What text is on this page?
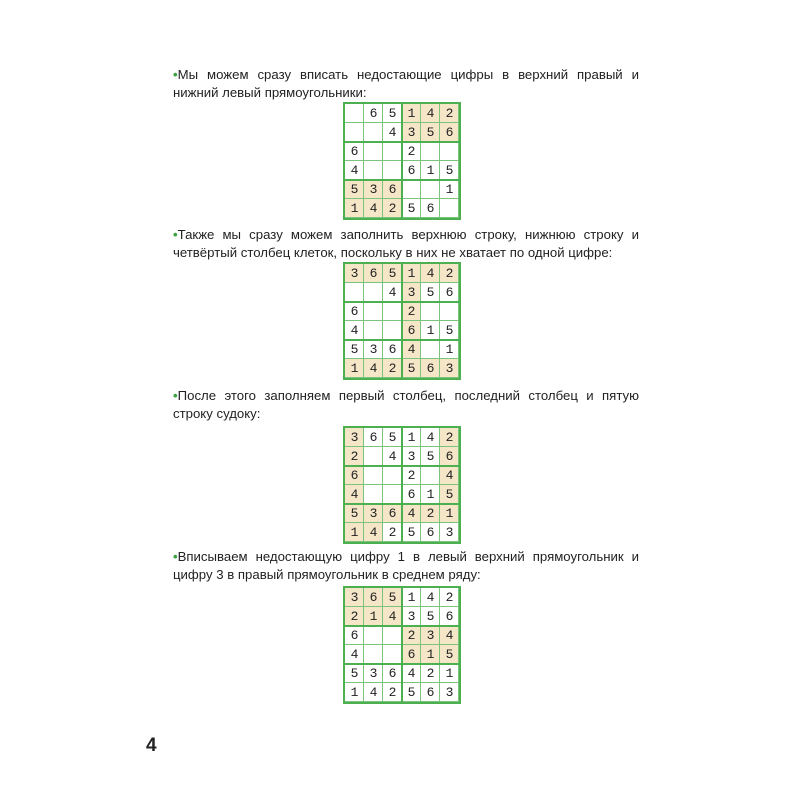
•Мы можем сразу вписать недостающие цифры в верхний правый и нижний левый прямоугольники:
65142
4356
6  2
4  615
536  1
14256
•Также мы сразу можем заполнить верхнюю строку, нижнюю строку и четвёртый столбец клеток, поскольку в них не хватает по одной цифре:
365142
4356
6  2
4  615
5364 1
142563
•После этого заполняем первый столбец, последний столбец и пятую строку судоку:
365142
2 4356
6  2 4
4  615
536421
142563
•Вписываем недостающую цифру 1 в левый верхний прямоугольник и цифру 3 в правый прямоугольник в среднем ряду:
365142
214356
6  234
4  615
536421
142563
4
